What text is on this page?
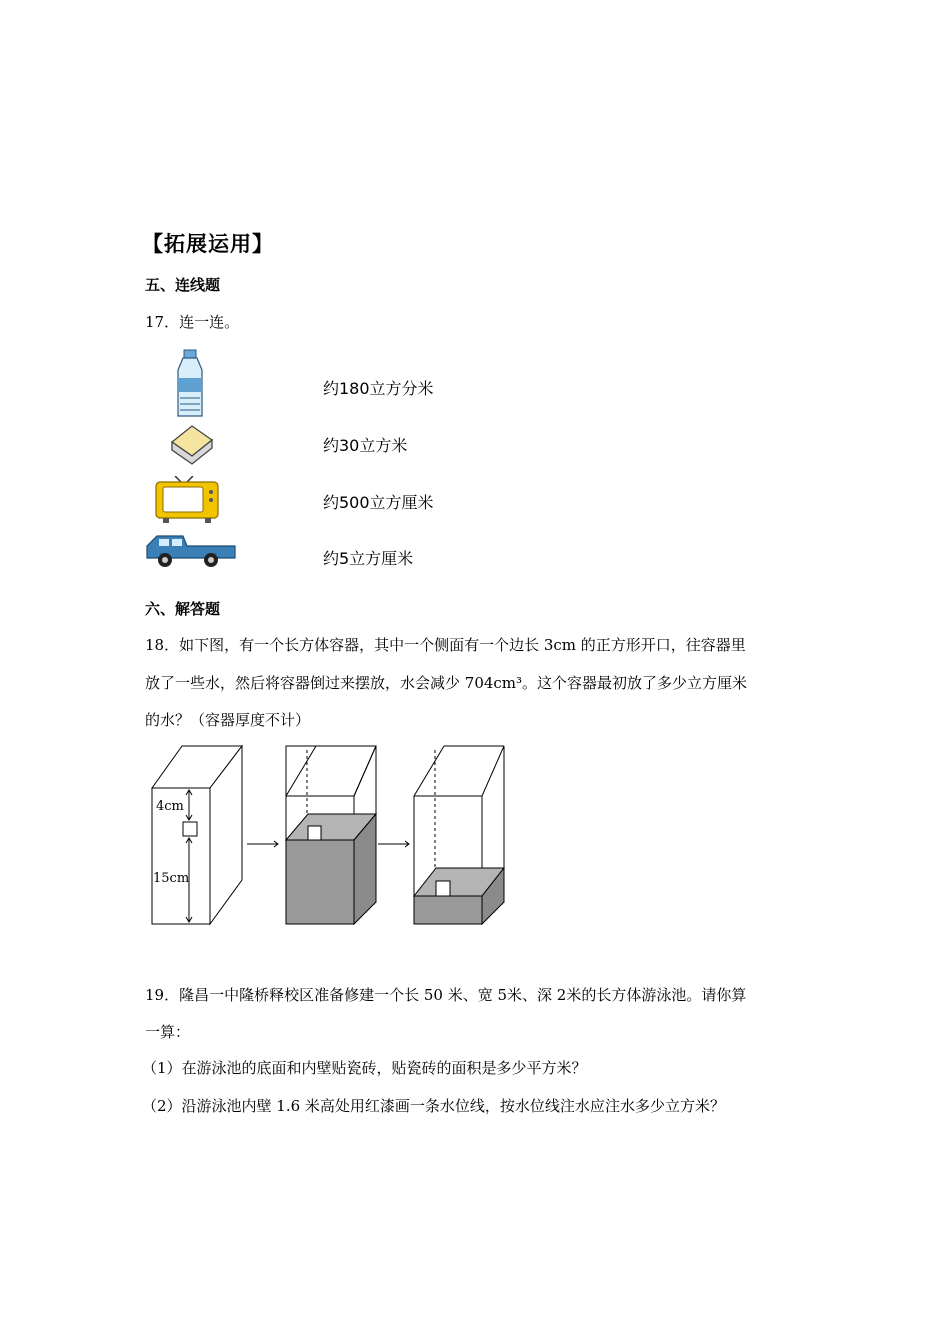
【拓展运用】
五、连线题
17．连一连。
约180立方分米
约30立方米
约500立方厘米
约5立方厘米
六、解答题
18．如下图，有一个长方体容器，其中一个侧面有一个边长 3cm 的正方形开口，往容器里
放了一些水，然后将容器倒过来摆放，水会减少 704cm³。这个容器最初放了多少立方厘米
的水？（容器厚度不计）
4cm
15cm
19．隆昌一中隆桥释校区准备修建一个长 50 米、宽 5米、深 2米的长方体游泳池。请你算
一算：
（1）在游泳池的底面和内壁贴瓷砖，贴瓷砖的面积是多少平方米？
（2）沿游泳池内壁 1.6 米高处用红漆画一条水位线，按水位线注水应注水多少立方米？
